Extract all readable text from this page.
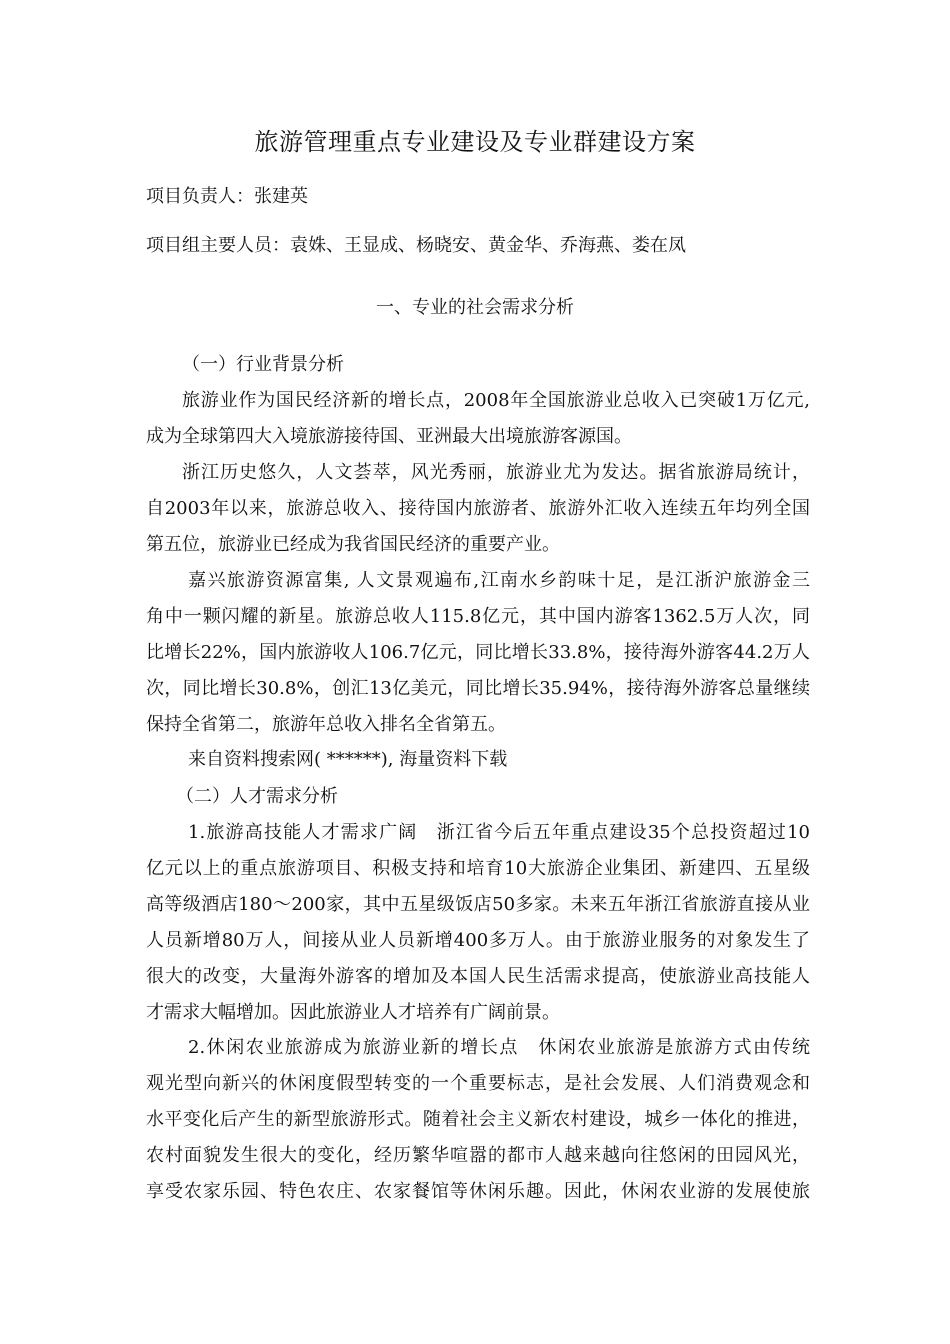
旅游管理重点专业建设及专业群建设方案
项目负责人：张建英
项目组主要人员：袁姝、王显成、杨晓安、黄金华、乔海燕、娄在凤
一、专业的社会需求分析
（一）行业背景分析
旅游业作为国民经济新的增长点，2008年全国旅游业总收入已突破1万亿元,
成为全球第四大入境旅游接待国、亚洲最大出境旅游客源国。
浙江历史悠久，人文荟萃，风光秀丽，旅游业尤为发达。据省旅游局统计，
自2003年以来，旅游总收入、接待国内旅游者、旅游外汇收入连续五年均列全国
第五位，旅游业已经成为我省国民经济的重要产业。
嘉兴旅游资源富集, 人文景观遍布,江南水乡韵味十足，是江浙沪旅游金三
角中一颗闪耀的新星。旅游总收人115.8亿元，其中国内游客1362.5万人次，同
比增长22%，国内旅游收人106.7亿元，同比增长33.8%，接待海外游客44.2万人
次，同比增长30.8%，创汇13亿美元，同比增长35.94%，接待海外游客总量继续
保持全省第二，旅游年总收入排名全省第五。
来自资料搜索网( ******), 海量资料下载
（二）人才需求分析
1.旅游高技能人才需求广阔　浙江省今后五年重点建设35个总投资超过10
亿元以上的重点旅游项目、积极支持和培育10大旅游企业集团、新建四、五星级
高等级酒店180～200家，其中五星级饭店50多家。未来五年浙江省旅游直接从业
人员新增80万人，间接从业人员新增400多万人。由于旅游业服务的对象发生了
很大的改变，大量海外游客的增加及本国人民生活需求提高，使旅游业高技能人
才需求大幅增加。因此旅游业人才培养有广阔前景。
2.休闲农业旅游成为旅游业新的增长点　休闲农业旅游是旅游方式由传统
观光型向新兴的休闲度假型转变的一个重要标志，是社会发展、人们消费观念和
水平变化后产生的新型旅游形式。随着社会主义新农村建设，城乡一体化的推进，
农村面貌发生很大的变化，经历繁华喧嚣的都市人越来越向往悠闲的田园风光，
享受农家乐园、特色农庄、农家餐馆等休闲乐趣。因此，休闲农业游的发展使旅
